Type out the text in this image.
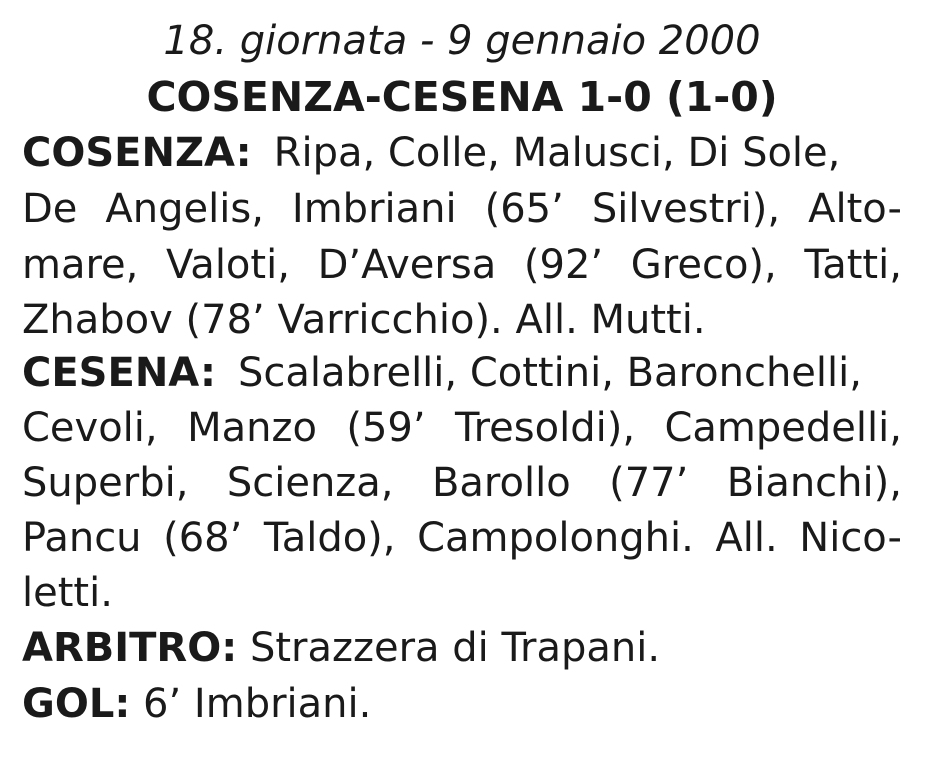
18. giornata - 9 gennaio 2000
COSENZA-CESENA 1-0 (1-0)
COSENZA: Ripa, Colle, Malusci, Di Sole,
De Angelis, Imbriani (65’ Silvestri), Alto-
mare, Valoti, D’Aversa (92’ Greco), Tatti,
Zhabov (78’ Varricchio). All. Mutti.
CESENA: Scalabrelli, Cottini, Baronchelli,
Cevoli, Manzo (59’ Tresoldi), Campedelli,
Superbi, Scienza, Barollo (77’ Bianchi),
Pancu (68’ Taldo), Campolonghi. All. Nico-
letti.
ARBITRO: Strazzera di Trapani.
GOL: 6’ Imbriani.
